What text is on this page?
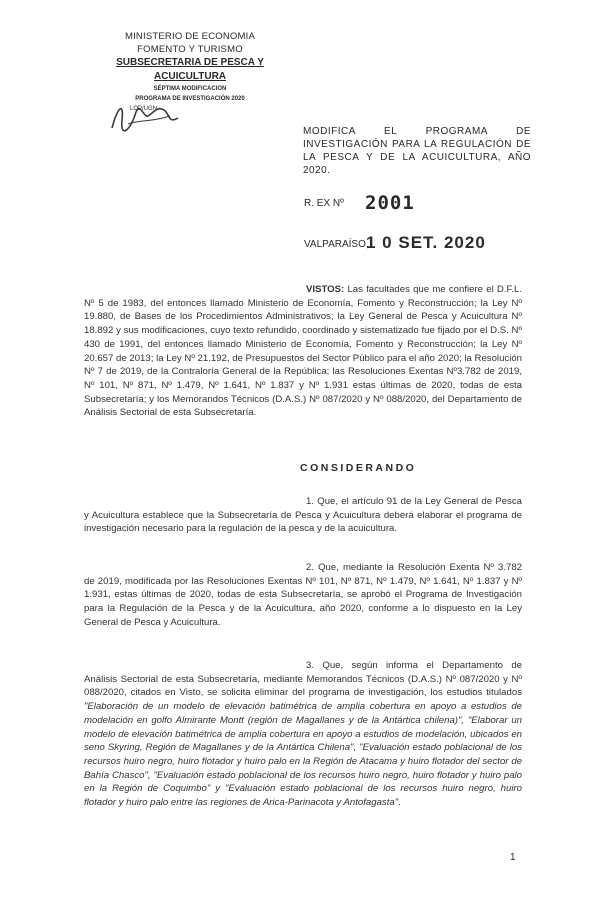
MINISTERIO DE ECONOMIA
FOMENTO Y TURISMO
SUBSECRETARIA DE PESCA Y ACUICULTURA
SÉPTIMA MODIFICACION
PROGRAMA DE INVESTIGACIÓN 2020
LOP/UGN
MODIFICA EL PROGRAMA DE INVESTIGACIÓN PARA LA REGULACIÓN DE LA PESCA Y DE LA ACUICULTURA, AÑO 2020.
R. EX Nº 2001
VALPARAÍSO,
1 0 SET. 2020
VISTOS: Las facultades que me confiere el D.F.L. Nº 5 de 1983, del entonces llamado Ministerio de Economía, Fomento y Reconstrucción; la Ley Nº 19.880, de Bases de los Procedimientos Administrativos; la Ley General de Pesca y Acuicultura Nº 18.892 y sus modificaciones, cuyo texto refundido, coordinado y sistematizado fue fijado por el D.S. Nº 430 de 1991, del entonces llamado Ministerio de Economía, Fomento y Reconstrucción; la Ley Nº 20.657 de 2013; la Ley Nº 21.192, de Presupuestos del Sector Público para el año 2020; la Resolución Nº 7 de 2019, de la Contraloría General de la República; las Resoluciones Exentas Nº3.782 de 2019, Nº 101, Nº 871, Nº 1.479, Nº 1.641, Nº 1.837 y Nº 1.931 estas últimas de 2020, todas de esta Subsecretaría; y los Memorandos Técnicos (D.A.S.) Nº 087/2020 y Nº 088/2020, del Departamento de Análisis Sectorial de esta Subsecretaría.
CONSIDERANDO
1. Que, el artículo 91 de la Ley General de Pesca y Acuicultura establece que la Subsecretaría de Pesca y Acuicultura deberá elaborar el programa de investigación necesario para la regulación de la pesca y de la acuicultura.
2. Que, mediante la Resolución Exenta Nº 3.782 de 2019, modificada por las Resoluciones Exentas Nº 101, Nº 871, Nº 1.479, Nº 1.641, Nº 1.837 y Nº 1.931, estas últimas de 2020, todas de esta Subsecretaría, se aprobó el Programa de Investigación para la Regulación de la Pesca y de la Acuicultura, año 2020, conforme a lo dispuesto en la Ley General de Pesca y Acuicultura.
3. Que, según informa el Departamento de Análisis Sectorial de esta Subsecretaría, mediante Memorandos Técnicos (D.A.S.) Nº 087/2020 y Nº 088/2020, citados en Visto, se solicita eliminar del programa de investigación, los estudios titulados "Elaboración de un modelo de elevación batimétrica de amplia cobertura en apoyo a estudios de modelación en golfo Almirante Montt (región de Magallanes y de la Antártica chilena)", "Elaborar un modelo de elevación batimétrica de amplia cobertura en apoyo a estudios de modelación, ubicados en seno Skyring, Región de Magallanes y de la Antártica Chilena", "Evaluación estado poblacional de los recursos huiro negro, huiro flotador y huiro palo en la Región de Atacama y huiro flotador del sector de Bahía Chasco", "Evaluación estado poblacional de los recursos huiro negro, huiro flotador y huiro palo en la Región de Coquimbo" y "Evaluación estado poblacional de los recursos huiro negro, huiro flotador y huiro palo entre las regiones de Arica-Parinacota y Antofagasta".
1
